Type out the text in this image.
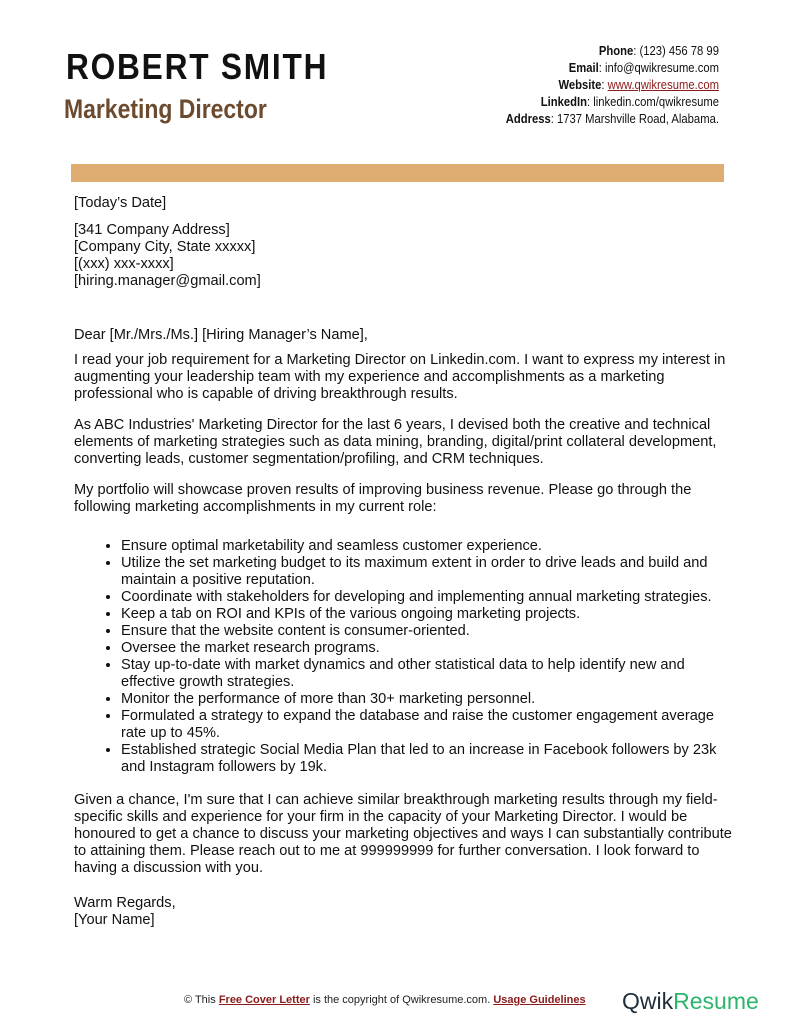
ROBERT SMITH
Marketing Director
Phone: (123) 456 78 99
Email: info@qwikresume.com
Website: www.qwikresume.com
LinkedIn: linkedin.com/qwikresume
Address: 1737 Marshville Road, Alabama.

[Today’s Date]

[341 Company Address]
[Company City, State xxxxx]
[(xxx) xxx-xxxx]
[hiring.manager@gmail.com]

Dear [Mr./Mrs./Ms.] [Hiring Manager’s Name],

I read your job requirement for a Marketing Director on Linkedin.com. I want to express my interest in augmenting your leadership team with my experience and accomplishments as a marketing professional who is capable of driving breakthrough results.

As ABC Industries' Marketing Director for the last 6 years, I devised both the creative and technical elements of marketing strategies such as data mining, branding, digital/print collateral development, converting leads, customer segmentation/profiling, and CRM techniques.

My portfolio will showcase proven results of improving business revenue. Please go through the following marketing accomplishments in my current role:

• Ensure optimal marketability and seamless customer experience.
• Utilize the set marketing budget to its maximum extent in order to drive leads and build and maintain a positive reputation.
• Coordinate with stakeholders for developing and implementing annual marketing strategies.
• Keep a tab on ROI and KPIs of the various ongoing marketing projects.
• Ensure that the website content is consumer-oriented.
• Oversee the market research programs.
• Stay up-to-date with market dynamics and other statistical data to help identify new and effective growth strategies.
• Monitor the performance of more than 30+ marketing personnel.
• Formulated a strategy to expand the database and raise the customer engagement average rate up to 45%.
• Established strategic Social Media Plan that led to an increase in Facebook followers by 23k and Instagram followers by 19k.

Given a chance, I'm sure that I can achieve similar breakthrough marketing results through my field-specific skills and experience for your firm in the capacity of your Marketing Director. I would be honoured to get a chance to discuss your marketing objectives and ways I can substantially contribute to attaining them. Please reach out to me at 999999999 for further conversation. I look forward to having a discussion with you.

Warm Regards,
[Your Name]

© This Free Cover Letter is the copyright of Qwikresume.com. Usage Guidelines QwikResume
